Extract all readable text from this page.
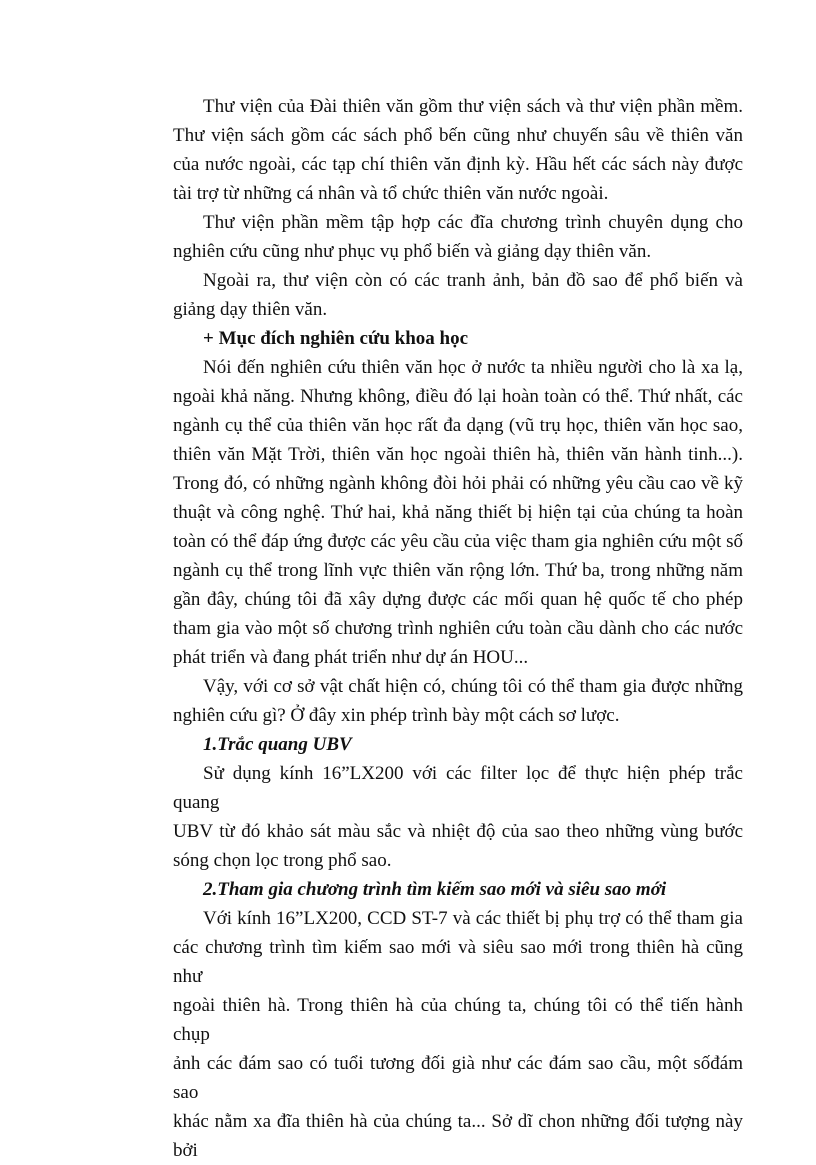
Thư viện của Đài thiên văn gồm thư viện sách và thư viện phần mềm.
Thư viện sách gồm các sách phổ bến cũng như chuyến sâu về thiên văn
của nước ngoài, các tạp chí thiên văn định kỳ. Hầu hết các sách này được
tài trợ từ những cá nhân và tổ chức thiên văn nước ngoài.

Thư viện phần mềm tập hợp các đĩa chương trình chuyên dụng cho
nghiên cứu cũng như phục vụ phổ biến và giảng dạy thiên văn.

Ngoài ra, thư viện còn có các tranh ảnh, bản đồ sao để phổ biến và
giảng dạy thiên văn.

+ Mục đích nghiên cứu khoa học

Nói đến nghiên cứu thiên văn học ở nước ta nhiều người cho là xa lạ,
ngoài khả năng. Nhưng không, điều đó lại hoàn toàn có thể. Thứ nhất, các
ngành cụ thể của thiên văn học rất đa dạng (vũ trụ học, thiên văn học sao,
thiên văn Mặt Trời, thiên văn học ngoài thiên hà, thiên văn hành tinh...).
Trong đó, có những ngành không đòi hỏi phải có những yêu cầu cao về kỹ
thuật và công nghệ. Thứ hai, khả năng thiết bị hiện tại của chúng ta hoàn
toàn có thể đáp ứng được các yêu cầu của việc tham gia nghiên cứu một số
ngành cụ thể trong lĩnh vực thiên văn rộng lớn. Thứ ba, trong những năm
gần đây, chúng tôi đã xây dựng được các mối quan hệ quốc tế cho phép
tham gia vào một số chương trình nghiên cứu toàn cầu dành cho các nước
phát triển và đang phát triển như dự án HOU...

Vậy, với cơ sở vật chất hiện có, chúng tôi có thể tham gia được những
nghiên cứu gì? Ở đây xin phép trình bày một cách sơ lược.

1.Trắc quang UBV

Sử dụng kính 16”LX200 với các filter lọc để thực hiện phép trắc quang
UBV từ đó khảo sát màu sắc và nhiệt độ của sao theo những vùng bước
sóng chọn lọc trong phổ sao.

2.Tham gia chương trình tìm kiếm sao mới và siêu sao mới

Với kính 16”LX200, CCD ST-7 và các thiết bị phụ trợ có thể tham gia
các chương trình tìm kiếm sao mới và siêu sao mới trong thiên hà cũng như
ngoài thiên hà. Trong thiên hà của chúng ta, chúng tôi có thể tiến hành chụp
ảnh các đám sao có tuổi tương đối già như các đám sao cầu, một sốđám sao
khác nằm xa đĩa thiên hà của chúng ta... Sở dĩ chon những đối tượng này bởi
